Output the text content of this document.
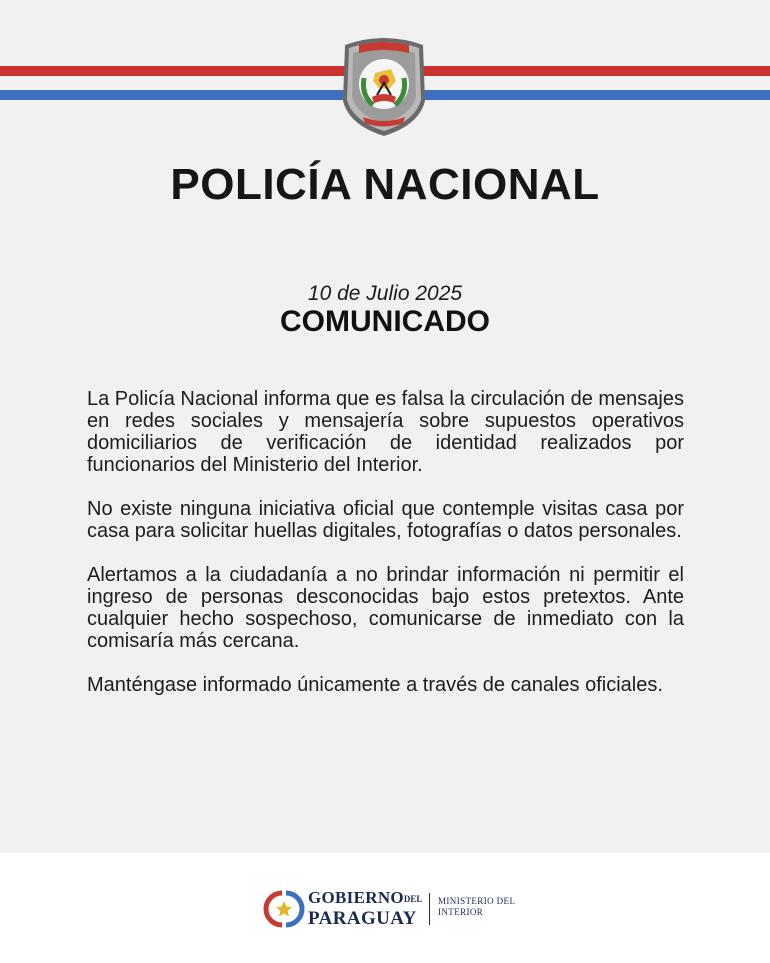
POLICÍA NACIONAL
10 de Julio 2025
COMUNICADO

La Policía Nacional informa que es falsa la circulación de mensajes en redes sociales y mensajería sobre supuestos operativos domiciliarios de verificación de identidad realizados por funcionarios del Ministerio del Interior.

No existe ninguna iniciativa oficial que contemple visitas casa por casa para solicitar huellas digitales, fotografías o datos personales.

Alertamos a la ciudadanía a no brindar información ni permitir el ingreso de personas desconocidas bajo estos pretextos. Ante cualquier hecho sospechoso, comunicarse de inmediato con la comisaría más cercana.

Manténgase informado únicamente a través de canales oficiales.

GOBIERNODEL
PARAGUAY
MINISTERIO DEL
INTERIOR
